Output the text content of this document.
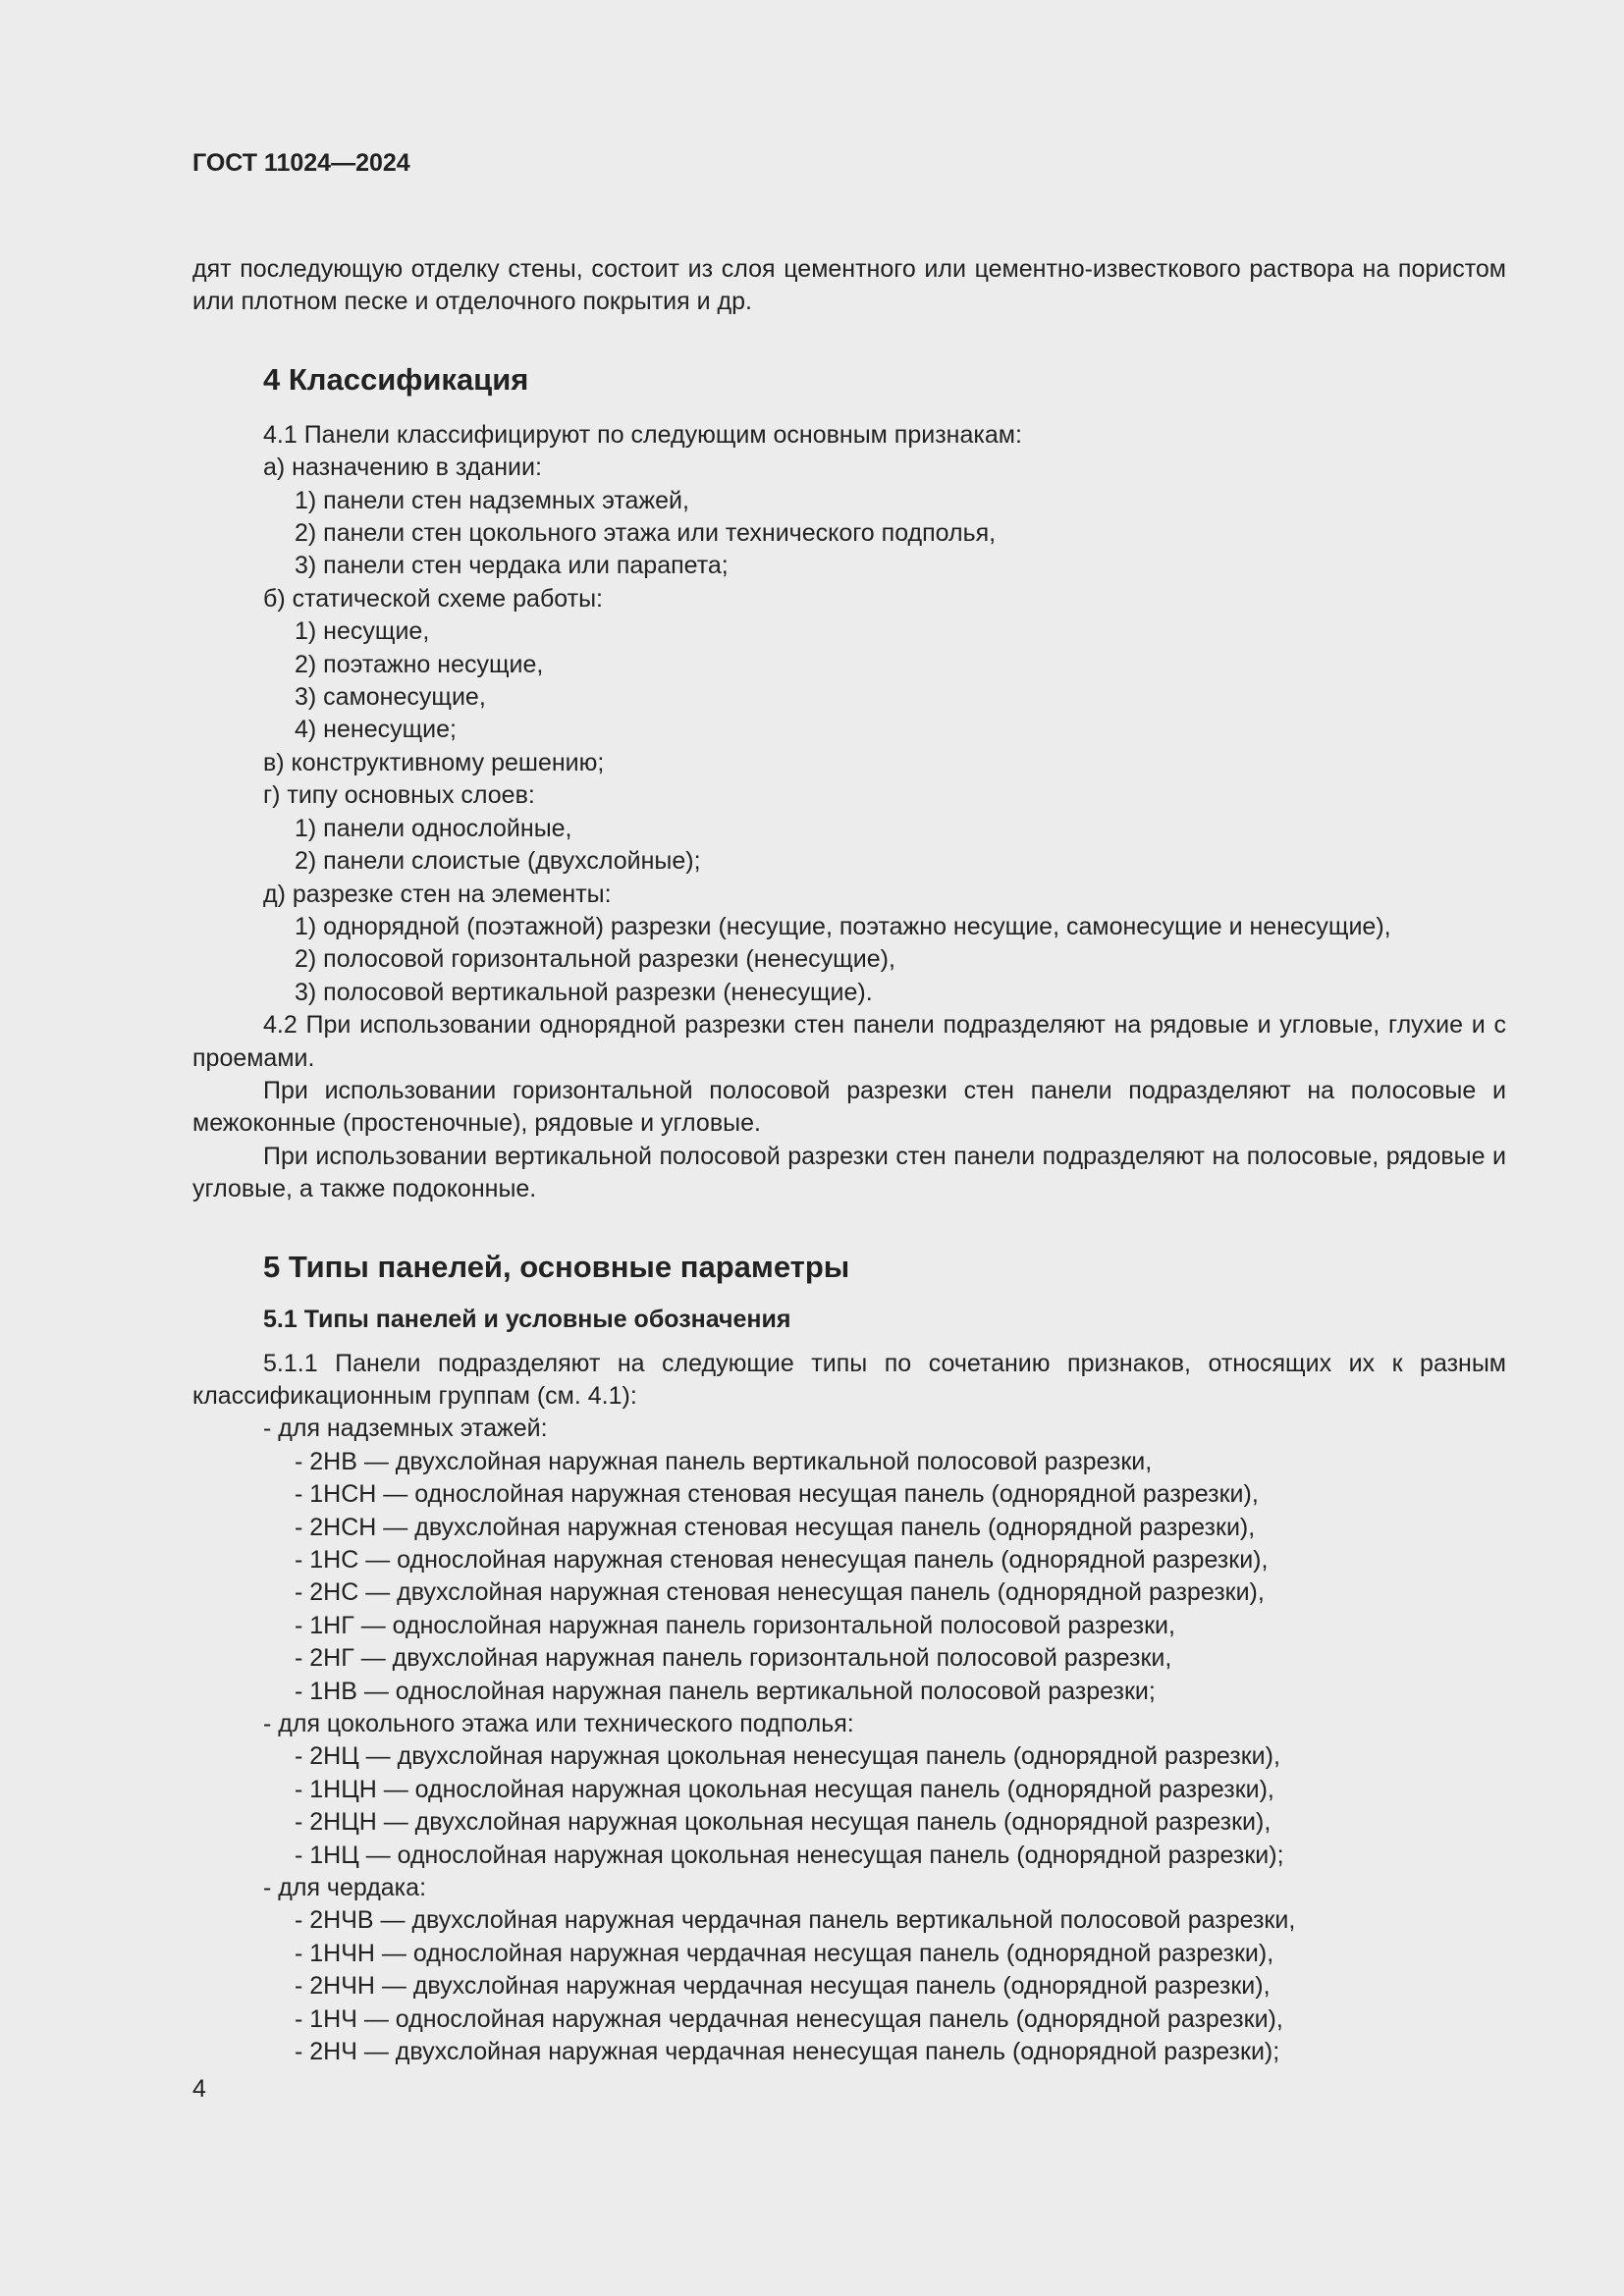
ГОСТ 11024—2024

дят последующую отделку стены, состоит из слоя цементного или цементно-известкового раствора на пористом или плотном песке и отделочного покрытия и др.

4 Классификация

4.1 Панели классифицируют по следующим основным признакам:

а) назначению в здании:

1) панели стен надземных этажей,

2) панели стен цокольного этажа или технического подполья,

3) панели стен чердака или парапета;

б) статической схеме работы:

1) несущие,

2) поэтажно несущие,

3) самонесущие,

4) ненесущие;

в) конструктивному решению;

г) типу основных слоев:

1) панели однослойные,

2) панели слоистые (двухслойные);

д) разрезке стен на элементы:

1) однорядной (поэтажной) разрезки (несущие, поэтажно несущие, самонесущие и ненесущие),

2) полосовой горизонтальной разрезки (ненесущие),

3) полосовой вертикальной разрезки (ненесущие).

4.2 При использовании однорядной разрезки стен панели подразделяют на рядовые и угловые, глухие и с проемами.

При использовании горизонтальной полосовой разрезки стен панели подразделяют на полосовые и межоконные (простеночные), рядовые и угловые.

При использовании вертикальной полосовой разрезки стен панели подразделяют на полосовые, рядовые и угловые, а также подоконные.

5 Типы панелей, основные параметры
5.1 Типы панелей и условные обозначения

5.1.1 Панели подразделяют на следующие типы по сочетанию признаков, относящих их к разным классификационным группам (см. 4.1):

- для надземных этажей:

- 2НВ — двухслойная наружная панель вертикальной полосовой разрезки,

- 1НСН — однослойная наружная стеновая несущая панель (однорядной разрезки),

- 2НСН — двухслойная наружная стеновая несущая панель (однорядной разрезки),

- 1НС — однослойная наружная стеновая ненесущая панель (однорядной разрезки),

- 2НС — двухслойная наружная стеновая ненесущая панель (однорядной разрезки),

- 1НГ — однослойная наружная панель горизонтальной полосовой разрезки,

- 2НГ — двухслойная наружная панель горизонтальной полосовой разрезки,

- 1НВ — однослойная наружная панель вертикальной полосовой разрезки;

- для цокольного этажа или технического подполья:

- 2НЦ — двухслойная наружная цокольная ненесущая панель (однорядной разрезки),

- 1НЦН — однослойная наружная цокольная несущая панель (однорядной разрезки),

- 2НЦН — двухслойная наружная цокольная несущая панель (однорядной разрезки),

- 1НЦ — однослойная наружная цокольная ненесущая панель (однорядной разрезки);

- для чердака:

- 2НЧВ — двухслойная наружная чердачная панель вертикальной полосовой разрезки,

- 1НЧН — однослойная наружная чердачная несущая панель (однорядной разрезки),

- 2НЧН — двухслойная наружная чердачная несущая панель (однорядной разрезки),

- 1НЧ — однослойная наружная чердачная ненесущая панель (однорядной разрезки),

- 2НЧ — двухслойная наружная чердачная ненесущая панель (однорядной разрезки);

4
